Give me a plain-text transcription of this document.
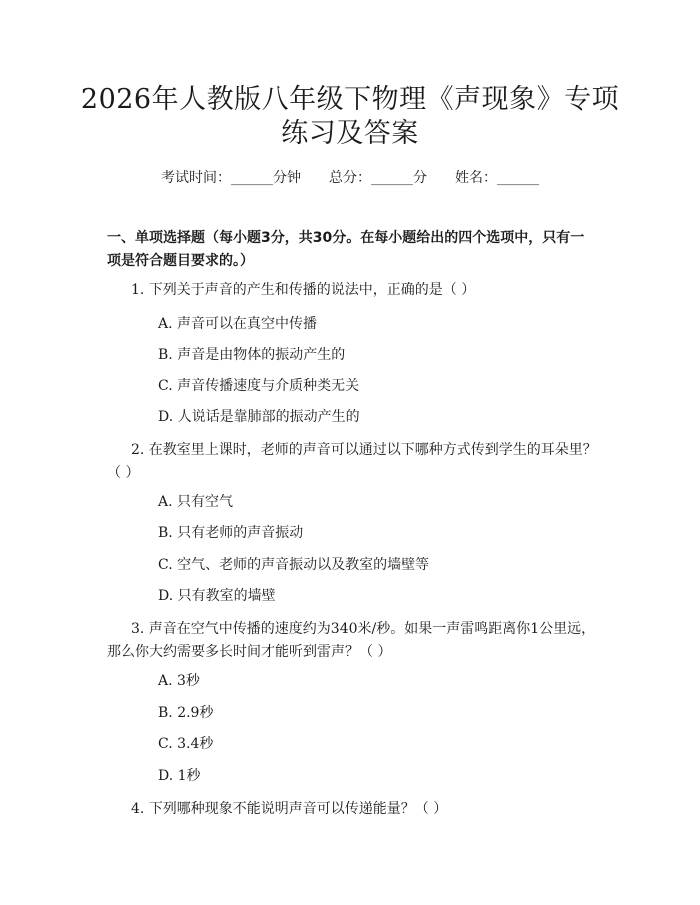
2026年人教版八年级下物理《声现象》专项
练习及答案
考试时间：______分钟 总分：______分 姓名：______
一、单项选择题（每小题3分，共30分。在每小题给出的四个选项中，只有一项是符合题目要求的。）
1. 下列关于声音的产生和传播的说法中，正确的是（ ）
A. 声音可以在真空中传播
B. 声音是由物体的振动产生的
C. 声音传播速度与介质种类无关
D. 人说话是靠肺部的振动产生的
2. 在教室里上课时，老师的声音可以通过以下哪种方式传到学生的耳朵里？（ ）
A. 只有空气
B. 只有老师的声音振动
C. 空气、老师的声音振动以及教室的墙壁等
D. 只有教室的墙壁
3. 声音在空气中传播的速度约为340米/秒。如果一声雷鸣距离你1公里远，那么你大约需要多长时间才能听到雷声？（ ）
A. 3秒
B. 2.9秒
C. 3.4秒
D. 1秒
4. 下列哪种现象不能说明声音可以传递能量？（ ）
